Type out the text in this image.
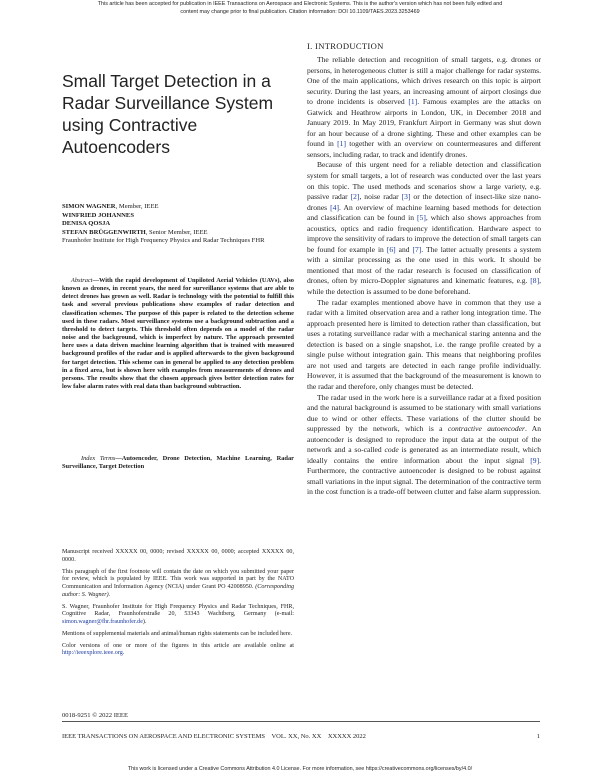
This article has been accepted for publication in IEEE Transactions on Aerospace and Electronic Systems. This is the author's version which has not been fully edited and
content may change prior to final publication. Citation information: DOI 10.1109/TAES.2023.3253469
Small Target Detection in a Radar Surveillance System using Contractive Autoencoders
SIMON WAGNER, Member, IEEE
WINFRIED JOHANNES
DENISA QOSJA
STEFAN BRÜGGENWIRTH, Senior Member, IEEE
Fraunhofer Institute for High Frequency Physics and Radar Techniques FHR
Abstract—With the rapid development of Unpiloted Aerial Vehicles (UAVs), also known as drones, in recent years, the need for surveillance systems that are able to detect drones has grown as well. Radar is technology with the potential to fulfill this task and several previous publications show examples of radar detection and classification schemes. The purpose of this paper is related to the detection scheme used in these radars. Most surveillance systems use a background subtraction and a threshold to detect targets. This threshold often depends on a model of the radar noise and the background, which is imperfect by nature. The approach presented here uses a data driven machine learning algorithm that is trained with measured background profiles of the radar and is applied afterwards to the given background for target detection. This scheme can in general be applied to any detection problem in a fixed area, but is shown here with examples from measurements of drones and persons. The results show that the chosen approach gives better detection rates for low false alarm rates with real data than background subtraction.
Index Terms—Autoencoder, Drone Detection, Machine Learning, Radar Surveillance, Target Detection

Manuscript received XXXXX 00, 0000; revised XXXXX 00, 0000; accepted XXXXX 00, 0000.

This paragraph of the first footnote will contain the date on which you submitted your paper for review, which is populated by IEEE. This work was supported in part by the NATO Communication and Information Agency (NCIA) under Grant PO 42008950. (Corresponding author: S. Wagner).

S. Wagner, Fraunhofer Institute for High Frequency Physics and Radar Techniques, FHR, Cognitive Radar, Fraunhoferstraße 20, 53343 Wachtberg, Germany (e-mail: simon.wagner@fhr.fraunhofer.de).

Mentions of supplemental materials and animal/human rights statements can be included here.

Color versions of one or more of the figures in this article are available online at http://ieeexplore.ieee.org.

0018-9251 © 2022 IEEE
IEEE TRANSACTIONS ON AEROSPACE AND ELECTRONIC SYSTEMS VOL. XX, No. XX XXXXX 2022	1
I. INTRODUCTION

The reliable detection and recognition of small targets, e.g. drones or persons, in heterogeneous clutter is still a major challenge for radar systems. One of the main applications, which drives research on this topic is airport security. During the last years, an increasing amount of airport closings due to drone incidents is observed [1]. Famous examples are the attacks on Gatwick and Heathrow airports in London, UK, in December 2018 and January 2019. In May 2019, Frankfurt Airport in Germany was shut down for an hour because of a drone sighting. These and other examples can be found in [1] together with an overview on countermeasures and different sensors, including radar, to track and identify drones.

Because of this urgent need for a reliable detection and classification system for small targets, a lot of research was conducted over the last years on this topic. The used methods and scenarios show a large variety, e.g. passive radar [2], noise radar [3] or the detection of insect-like size nano-drones [4]. An overview of machine learning based methods for detection and classification can be found in [5], which also shows approaches from acoustics, optics and radio frequency identification. Hardware aspect to improve the sensitivity of radars to improve the detection of small targets can be found for example in [6] and [7]. The latter actually presents a system with a similar processing as the one used in this work. It should be mentioned that most of the radar research is focused on classification of drones, often by micro-Doppler signatures and kinematic features, e.g. [8], while the detection is assumed to be done beforehand.

The radar examples mentioned above have in common that they use a radar with a limited observation area and a rather long integration time. The approach presented here is limited to detection rather than classification, but uses a rotating surveillance radar with a mechanical staring antenna and the detection is based on a single snapshot, i.e. the range profile created by a single pulse without integration gain. This means that neighboring profiles are not used and targets are detected in each range profile individually. However, it is assumed that the background of the measurement is known to the radar and therefore, only changes must be detected.

The radar used in the work here is a surveillance radar at a fixed position and the natural background is assumed to be stationary with small variations due to wind or other effects. These variations of the clutter should be suppressed by the network, which is a contractive autoencoder. An autoencoder is designed to reproduce the input data at the output of the network and a so-called code is generated as an intermediate result, which ideally contains the entire information about the input signal [9]. Furthermore, the contractive autoencoder is designed to be robust against small variations in the input signal. The determination of the contractive term in the cost function is a trade-off between clutter and false alarm suppression.

This work is licensed under a Creative Commons Attribution 4.0 License. For more information, see https://creativecommons.org/licenses/by/4.0/
